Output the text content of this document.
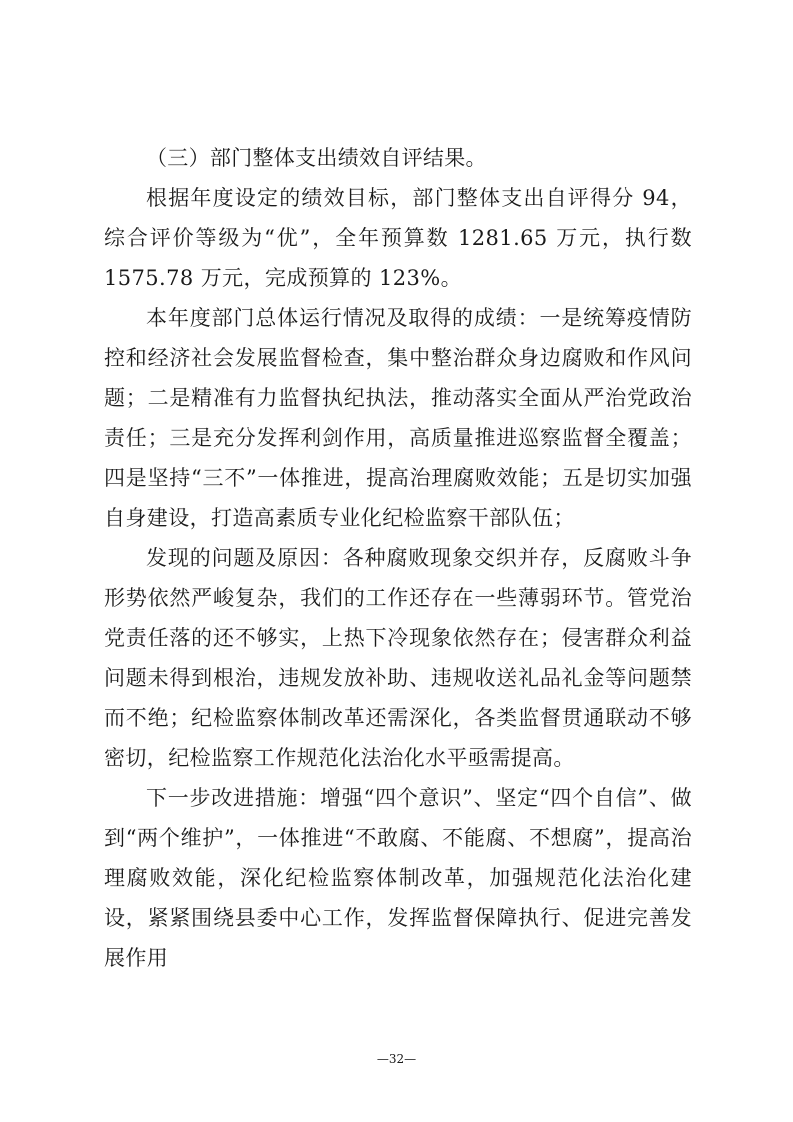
（三）部门整体支出绩效自评结果。

根据年度设定的绩效目标，部门整体支出自评得分 94，综合评价等级为“优”，全年预算数 1281.65 万元，执行数 1575.78 万元，完成预算的 123%。

本年度部门总体运行情况及取得的成绩：一是统筹疫情防控和经济社会发展监督检查，集中整治群众身边腐败和作风问题；二是精准有力监督执纪执法，推动落实全面从严治党政治责任；三是充分发挥利剑作用，高质量推进巡察监督全覆盖；四是坚持“三不”一体推进，提高治理腐败效能；五是切实加强自身建设，打造高素质专业化纪检监察干部队伍；

发现的问题及原因：各种腐败现象交织并存，反腐败斗争形势依然严峻复杂，我们的工作还存在一些薄弱环节。管党治党责任落的还不够实，上热下冷现象依然存在；侵害群众利益问题未得到根治，违规发放补助、违规收送礼品礼金等问题禁而不绝；纪检监察体制改革还需深化，各类监督贯通联动不够密切，纪检监察工作规范化法治化水平亟需提高。

下一步改进措施：增强“四个意识”、坚定“四个自信”、做到“两个维护”，一体推进“不敢腐、不能腐、不想腐”，提高治理腐败效能，深化纪检监察体制改革，加强规范化法治化建设，紧紧围绕县委中心工作，发挥监督保障执行、促进完善发展作用

—32—
